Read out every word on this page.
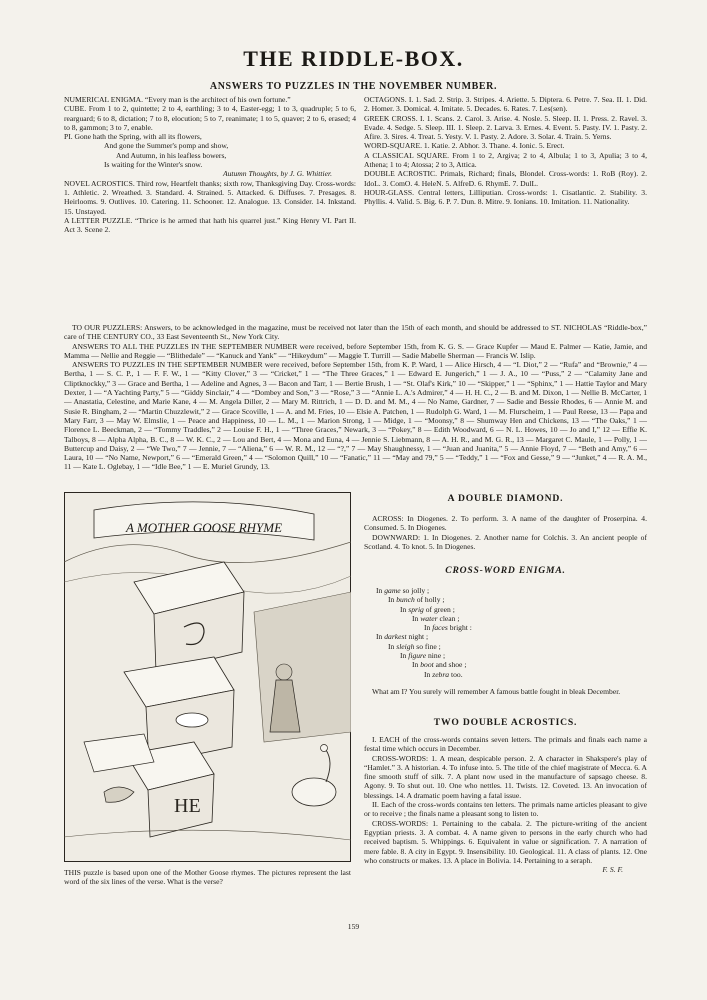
THE RIDDLE-BOX.
ANSWERS TO PUZZLES IN THE NOVEMBER NUMBER.

NUMERICAL ENIGMA. “Every man is the architect of his own fortune.”

CUBE. From 1 to 2, quintette; 2 to 4, earthling; 3 to 4, Easter-egg; 1 to 3, quadruple; 5 to 6, rearguard; 6 to 8, dictation; 7 to 8, elocution; 5 to 7, reanimate; 1 to 5, quaver; 2 to 6, erased; 4 to 8, gammon; 3 to 7, enable.

PI. Gone hath the Spring, with all its flowers,

And gone the Summer's pomp and show,

And Autumn, in his leafless bowers,

Is waiting for the Winter's snow.

Autumn Thoughts, by J. G. Whittier.

NOVEL ACROSTICS. Third row, Heartfelt thanks; sixth row, Thanksgiving Day. Cross-words: 1. Athletic. 2. Wreathed. 3. Standard. 4. Strained. 5. Attacked. 6. Diffuses. 7. Presages. 8. Heirlooms. 9. Outlives. 10. Catering. 11. Schooner. 12. Analogue. 13. Consider. 14. Inkstand. 15. Unstayed.

A LETTER PUZZLE. “Thrice is he armed that hath his quarrel just.” King Henry VI. Part II. Act 3. Scene 2.

OCTAGONS. I. 1. Sad. 2. Strip. 3. Stripes. 4. Ariette. 5. Diptera. 6. Petre. 7. Sea. II. 1. Did. 2. Homer. 3. Domical. 4. Imitate. 5. Decades. 6. Rates. 7. Les(sen).

GREEK CROSS. I. 1. Scans. 2. Carol. 3. Arise. 4. Nosle. 5. Sleep. II. 1. Press. 2. Ravel. 3. Evade. 4. Sedge. 5. Sleep. III. 1. Sleep. 2. Larva. 3. Ernes. 4. Event. 5. Pasty. IV. 1. Pasty. 2. Afire. 3. Sires. 4. Treat. 5. Yesty. V. 1. Pasty. 2. Adore. 3. Solar. 4. Train. 5. Yerns.

WORD-SQUARE. 1. Katie. 2. Abhor. 3. Thane. 4. Ionic. 5. Erect.

A CLASSICAL SQUARE. From 1 to 2, Argiva; 2 to 4, Albula; 1 to 3, Apulia; 3 to 4, Athena; 1 to 4; Atossa; 2 to 3, Attica.

DOUBLE ACROSTIC. Primals, Richard; finals, Blondel. Cross-words: 1. RoB (Roy). 2. IdoL. 3. ComO. 4. HeleN. 5. AlfreD. 6. RhymE. 7. DulL.

HOUR-GLASS. Central letters, Lilliputian. Cross-words: 1. Cisatlantic. 2. Stability. 3. Phyllis. 4. Valid. 5. Big. 6. P. 7. Dun. 8. Mitre. 9. Ionians. 10. Imitation. 11. Nationality.

TO OUR PUZZLERS: Answers, to be acknowledged in the magazine, must be received not later than the 15th of each month, and should be addressed to ST. NICHOLAS “Riddle-box,” care of THE CENTURY CO., 33 East Seventeenth St., New York City.

ANSWERS TO ALL THE PUZZLES IN THE SEPTEMBER NUMBER were received, before September 15th, from K. G. S. — Grace Kupfer — Maud E. Palmer — Katie, Jamie, and Mamma — Nellie and Reggie — “Blithedale” — “Kanuck and Yank” — “Hikeydum” — Maggie T. Turrill — Sadie Mabelle Sherman — Francis W. Islip.

ANSWERS TO PUZZLES IN THE SEPTEMBER NUMBER were received, before September 15th, from K. P. Ward, 1 — Alice Hirsch, 4 — “I. Diot,” 2 — “Rufa” and “Brownie,” 4 — Bertha, 1 — S. C. P., 1 — F. F. W., 1 — “Kitty Clover,” 3 — “Cricket,” 1 — “The Three Graces,” 1 — Edward E. Jungerich,” 1 — J. A., 10 — “Puss,” 2 — “Calamity Jane and Cliptknockky,” 3 — Grace and Bertha, 1 — Adeline and Agnes, 3 — Bacon and Tarr, 1 — Bertie Brush, 1 — “St. Olaf's Kirk,” 10 — “Skipper,” 1 — “Sphinx,” 1 — Hattie Taylor and Mary Dexter, 1 — “A Yachting Party,” 5 — “Giddy Sinclair,” 4 — “Dombey and Son,” 3 — “Rose,” 3 — “Annie L. A.'s Admirer,” 4 — H. H. C., 2 — B. and M. Dixon, 1 — Nellie B. McCarter, 1 — Anastatia, Celestine, and Marie Kane, 4 — M. Angela Diller, 2 — Mary M. Rittrich, 1 — D. D. and M. M., 4 — No Name, Gardner, 7 — Sadie and Bessie Rhodes, 6 — Annie M. and Susie R. Bingham, 2 — “Martin Chuzzlewit,” 2 — Grace Scoville, 1 — A. and M. Fries, 10 — Elsie A. Patchen, 1 — Rudolph G. Ward, 1 — M. Flurscheim, 1 — Paul Reese, 13 — Papa and Mary Farr, 3 — May W. Elmslie, 1 — Peace and Happiness, 10 — L. M., 1 — Marion Strong, 1 — Midge, 1 — “Moonsy,” 8 — Shumway Hen and Chickens, 13 — “The Oaks,” 1 — Florence L. Beeckman, 2 — “Tommy Traddles,” 2 — Louise F. H., 1 — “Three Graces,” Newark, 3 — “Pokey,” 8 — Edith Woodward, 6 — N. L. Howes, 10 — Jo and I,” 12 — Effie K. Talboys, 8 — Alpha Alpha, B. C., 8 — W. K. C., 2 — Lou and Bert, 4 — Mona and Euna, 4 — Jennie S. Liebmann, 8 — A. H. R., and M. G. R., 13 — Margaret C. Maule, 1 — Polly, 1 — Buttercup and Daisy, 2 — “We Two,” 7 — Jennie, 7 — “Aliena,” 6 — W. R. M., 12 — “?,” 7 — May Shaughnessy, 1 — “Juan and Juanita,” 5 — Annie Floyd, 7 — “Beth and Amy,” 6 — Laura, 10 — “No Name, Newport,” 6 — “Emerald Green,” 4 — “Solomon Quill,” 10 — “Fanatic,” 11 — “May and 79,” 5 — “Teddy,” 1 — “Fox and Gesse,” 9 — “Junket,” 4 — R. A. M., 11 — Kate L. Oglebay, 1 — “Idle Bee,” 1 — E. Muriel Grundy, 13.

A MOTHER GOOSE RHYME
HE

THIS puzzle is based upon one of the Mother Goose rhymes. The pictures represent the last word of the six lines of the verse. What is the verse?

A DOUBLE DIAMOND.

ACROSS: In Diogenes. 2. To perform. 3. A name of the daughter of Proserpina. 4. Consumed. 5. In Diogenes.

DOWNWARD: 1. In Diogenes. 2. Another name for Colchis. 3. An ancient people of Scotland. 4. To knot. 5. In Diogenes.

CROSS-WORD ENIGMA.

In game so jolly ;

In bunch of holly ;

In sprig of green ;

In water clean ;

In faces bright :

In darkest night ;

In sleigh so fine ;

In figure nine ;

In boot and shoe ;

In zebra too.

What am I? You surely will remember A famous battle fought in bleak December.

TWO DOUBLE ACROSTICS.

I. EACH of the cross-words contains seven letters. The primals and finals each name a festal time which occurs in December.

CROSS-WORDS: 1. A mean, despicable person. 2. A character in Shakspere's play of “Hamlet.” 3. A historian. 4. To infuse into. 5. The title of the chief magistrate of Mecca. 6. A fine smooth stuff of silk. 7. A plant now used in the manufacture of sapsago cheese. 8. Agony. 9. To shut out. 10. One who nettles. 11. Twists. 12. Coveted. 13. An invocation of blessings. 14. A dramatic poem having a fatal issue.

II. Each of the cross-words contains ten letters. The primals name articles pleasant to give or to receive ; the finals name a pleasant song to listen to.

CROSS-WORDS: 1. Pertaining to the cabala. 2. The picture-writing of the ancient Egyptian priests. 3. A combat. 4. A name given to persons in the early church who had received baptism. 5. Whippings. 6. Equivalent in value or signification. 7. A narration of mere fable. 8. A city in Egypt. 9. Insensibility. 10. Geological. 11. A class of plants. 12. One who constructs or makes. 13. A place in Bolivia. 14. Pertaining to a seraph.

F. S. F.

159
